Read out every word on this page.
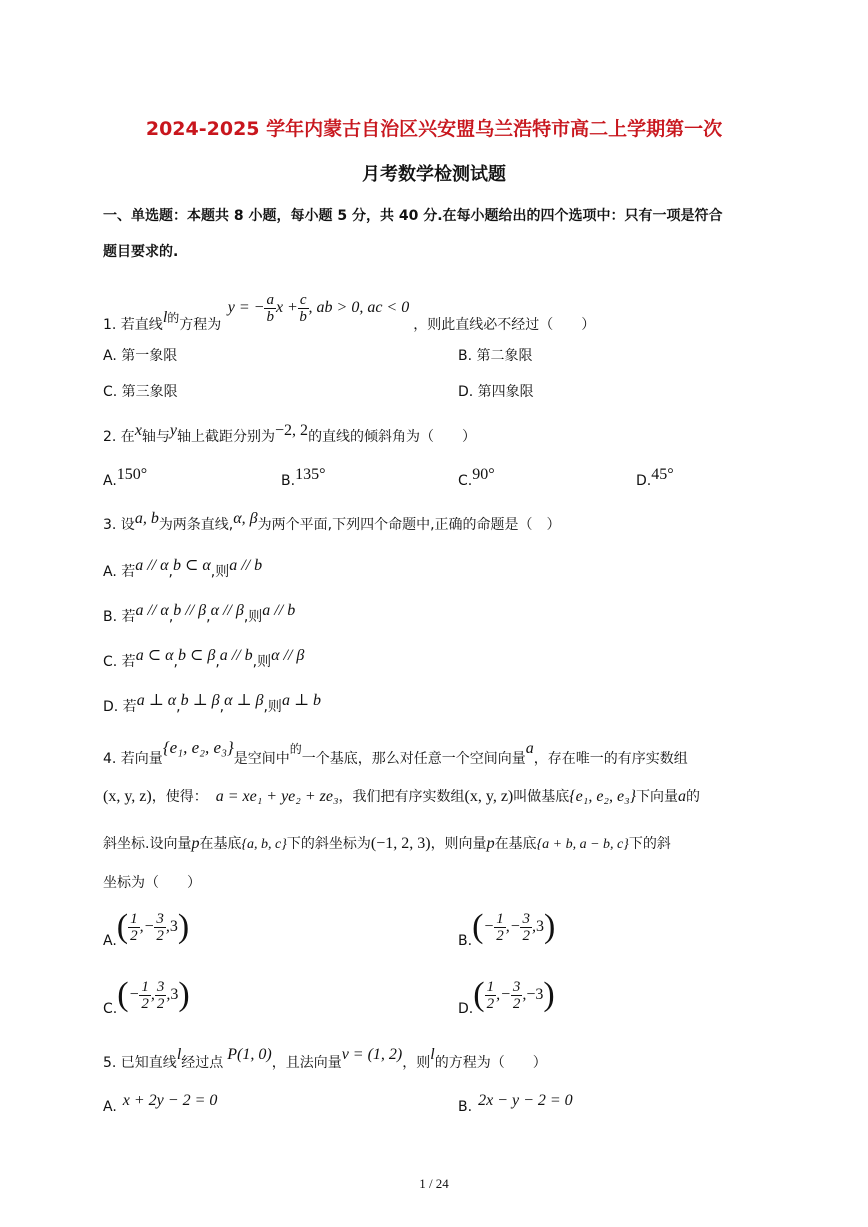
2024-2025 学年内蒙古自治区兴安盟乌兰浩特市高二上学期第一次
月考数学检测试题
一、单选题：本题共 8 小题，每小题 5 分，共 40 分.在每小题给出的四个选项中：只有一项是符合
题目要求的.
1. 若直线l的方程为 y = − $\frac{a}{b}$ $x + \frac{c}{b}$ , ab > 0, ac < 0 ，则此直线必不经过（　　）
A. 第一象限	B. 第二象限
C. 第三象限	D. 第四象限
2. 在x轴与y轴上截距分别为−2, 2的直线的倾斜角为（　　）
A.150°	B.135°	C.90°	D.45°
3. 设a, b为两条直线,α, β为两个平面,下列四个命题中,正确的命题是（　）
A. 若a // α,b ⊂ α,则a // b
B. 若a // α,b // β,α // β,则a // b
C. 若a ⊂ α,b ⊂ β,a // b,则α // β
D. 若a ⊥ α,b ⊥ β,α ⊥ β,则a ⊥ b
4. 若向量{e₁, e₂, e₃}是空间中的一个基底，那么对任意一个空间向量a，存在唯一的有序实数组
(x, y, z)，使得： a = xe₁ + ye₂ + ze₃，我们把有序实数组(x, y, z)叫做基底{e₁, e₂, e₃}下向量a的
斜坐标.设向量p在基底{a, b, c}下的斜坐标为(−1, 2, 3)，则向量p在基底{a + b, a − b, c}下的斜
坐标为（　　）
$A.( \frac{1}{2}$ ,− $\frac{3}{2} ,3$)	$B.(- \frac{1}{2}$ ,− $\frac{3}{2} ,3$)
$C.(- \frac{1}{2}$ , $\frac{3}{2} ,3$)	$D.( \frac{1}{2}$ ,− $\frac{3}{2} ,-3$)
5. 已知直线l经过点 P(1, 0)，且法向量v = (1, 2)，则l的方程为（　　）
A. x + 2y − 2 = 0	B. 2x − y − 2 = 0
1 / 24
